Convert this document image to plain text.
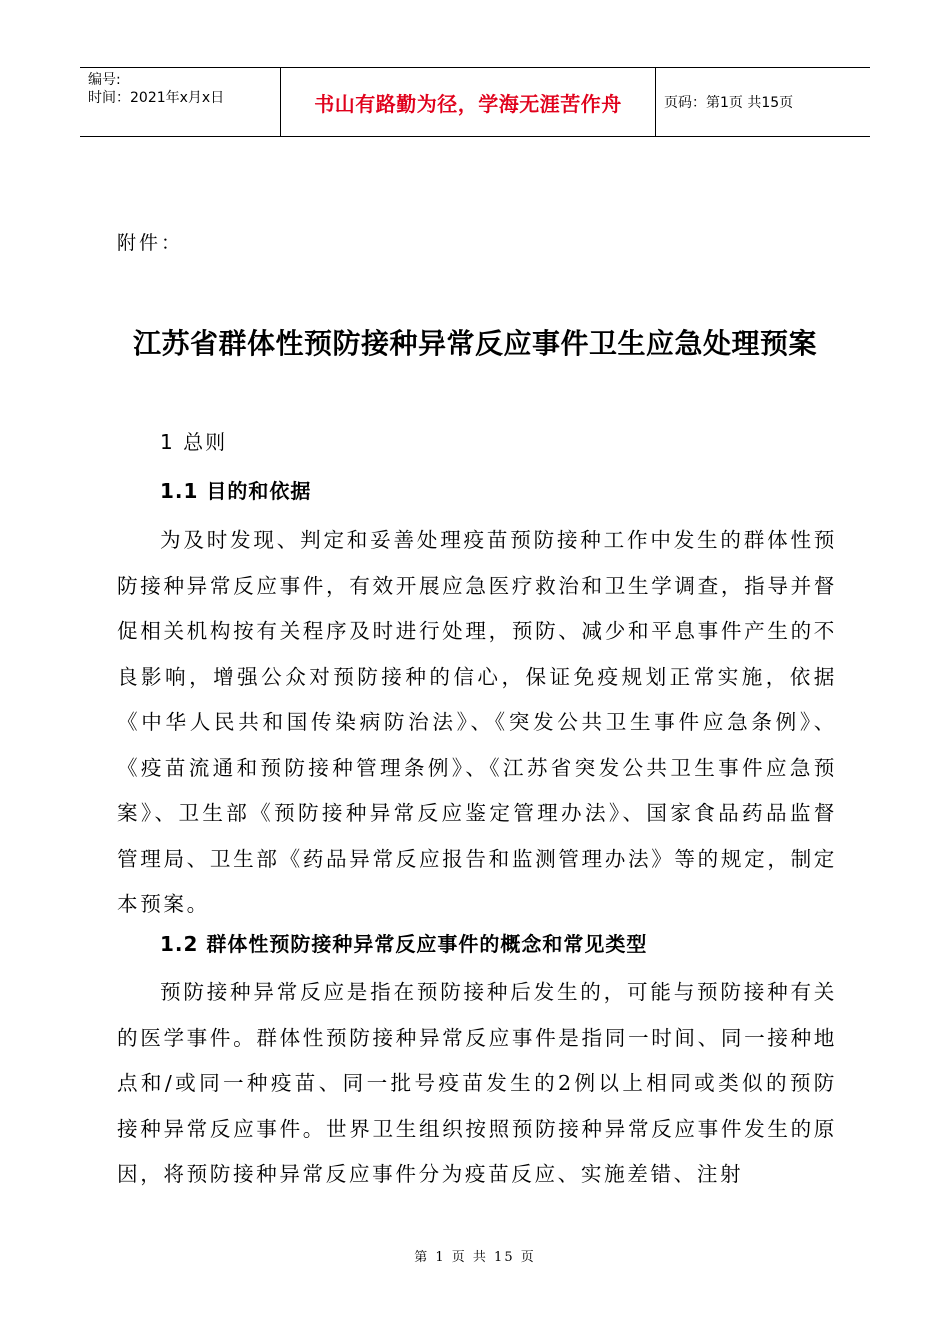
编号:
时间：2021年x月x日	书山有路勤为径，学海无涯苦作舟	页码：第1页 共15页
附件：
江苏省群体性预防接种异常反应事件卫生应急处理预案
1 总则
1.1 目的和依据
为及时发现、判定和妥善处理疫苗预防接种工作中发生的群体性预防接种异常反应事件，有效开展应急医疗救治和卫生学调查，指导并督促相关机构按有关程序及时进行处理，预防、减少和平息事件产生的不良影响，增强公众对预防接种的信心，保证免疫规划正常实施，依据《中华人民共和国传染病防治法》、《突发公共卫生事件应急条例》、《疫苗流通和预防接种管理条例》、《江苏省突发公共卫生事件应急预案》、卫生部《预防接种异常反应鉴定管理办法》、国家食品药品监督管理局、卫生部《药品异常反应报告和监测管理办法》等的规定，制定本预案。
1.2 群体性预防接种异常反应事件的概念和常见类型
预防接种异常反应是指在预防接种后发生的，可能与预防接种有关的医学事件。群体性预防接种异常反应事件是指同一时间、同一接种地点和/或同一种疫苗、同一批号疫苗发生的2例以上相同或类似的预防接种异常反应事件。世界卫生组织按照预防接种异常反应事件发生的原因，将预防接种异常反应事件分为疫苗反应、实施差错、注射
第 1 页 共 15 页
